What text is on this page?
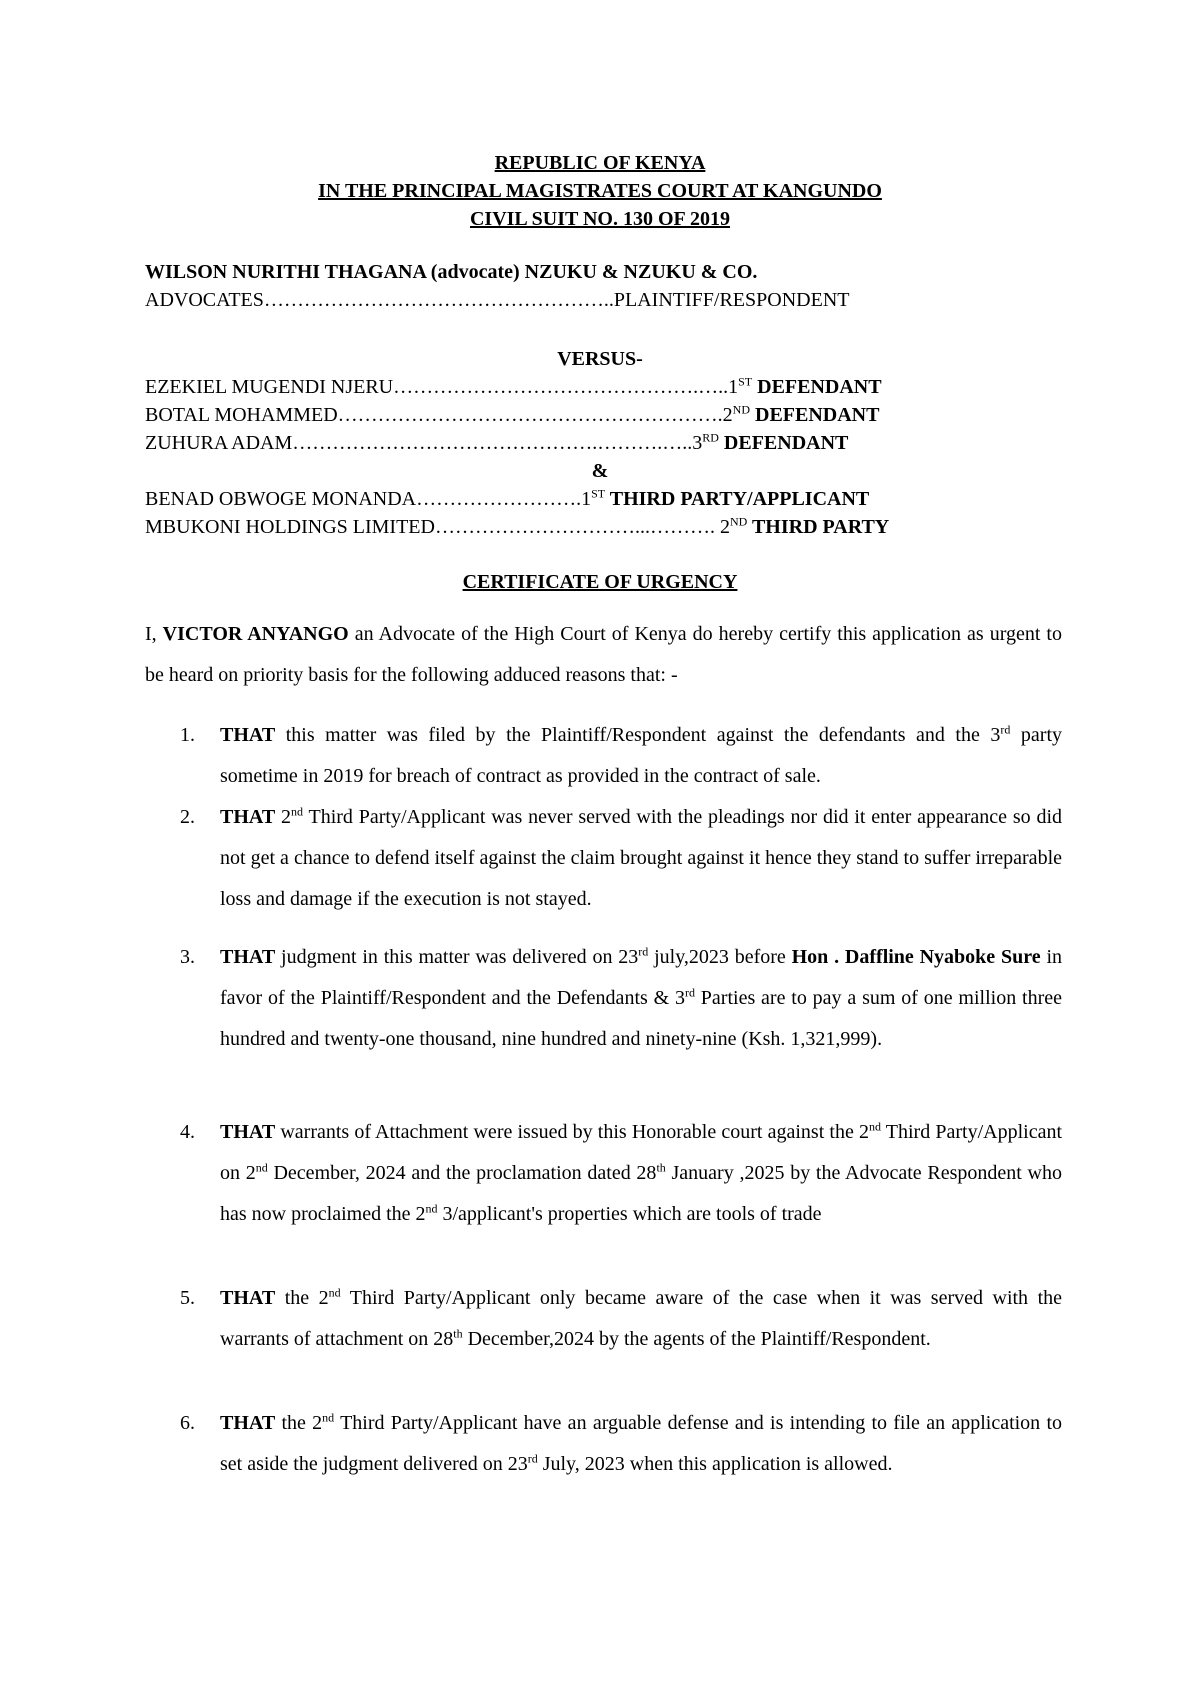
REPUBLIC OF KENYA
IN THE PRINCIPAL MAGISTRATES COURT AT KANGUNDO
CIVIL SUIT NO. 130 OF 2019
WILSON NURITHI THAGANA (advocate) NZUKU & NZUKU & CO.
ADVOCATES……………………………………………..PLAINTIFF/RESPONDENT
VERSUS-
EZEKIEL MUGENDI NJERU……………………………………….…..1ST DEFENDANT
BOTAL MOHAMMED………………………………………………….2ND DEFENDANT
ZUHURA ADAM……………………………………….……….…..3RD DEFENDANT
&
BENAD OBWOGE MONANDA…………………….1ST THIRD PARTY/APPLICANT
MBUKONI HOLDINGS LIMITED…………………………...………. 2ND THIRD PARTY
CERTIFICATE OF URGENCY
I, VICTOR ANYANGO an Advocate of the High Court of Kenya do hereby certify this application as urgent to be heard on priority basis for the following adduced reasons that: -
1.	THAT this matter was filed by the Plaintiff/Respondent against the defendants and the 3rd party sometime in 2019 for breach of contract as provided in the contract of sale.
2.	THAT 2nd Third Party/Applicant was never served with the pleadings nor did it enter appearance so did not get a chance to defend itself against the claim brought against it hence they stand to suffer irreparable loss and damage if the execution is not stayed.
3.	THAT judgment in this matter was delivered on 23rd july,2023 before Hon . Daffline Nyaboke Sure in favor of the Plaintiff/Respondent and the Defendants & 3rd Parties are to pay a sum of one million three hundred and twenty-one thousand, nine hundred and ninety-nine (Ksh. 1,321,999).
4.	THAT warrants of Attachment were issued by this Honorable court against the 2nd Third Party/Applicant on 2nd December, 2024 and the proclamation dated 28th January ,2025 by the Advocate Respondent who has now proclaimed the 2nd 3/applicant's properties which are tools of trade
5.	THAT the 2nd Third Party/Applicant only became aware of the case when it was served with the warrants of attachment on 28th December,2024 by the agents of the Plaintiff/Respondent.
6.	THAT the 2nd Third Party/Applicant have an arguable defense and is intending to file an application to set aside the judgment delivered on 23rd July, 2023 when this application is allowed.
